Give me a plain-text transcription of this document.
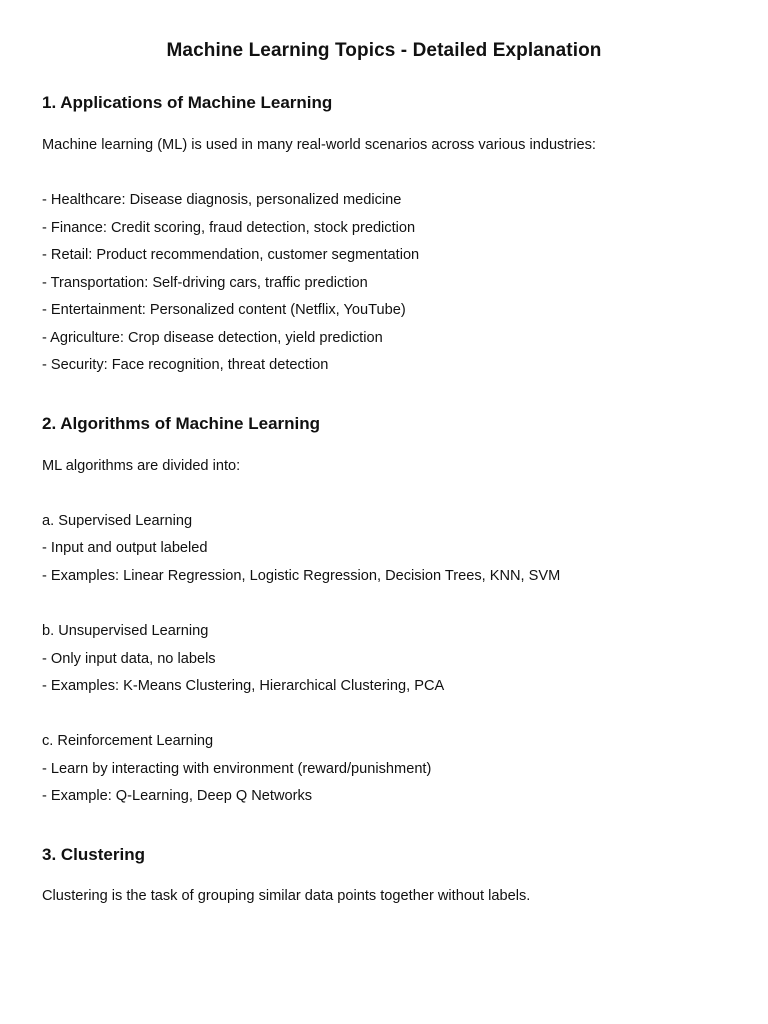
Machine Learning Topics - Detailed Explanation
1. Applications of Machine Learning
Machine learning (ML) is used in many real-world scenarios across various industries:
- Healthcare: Disease diagnosis, personalized medicine
- Finance: Credit scoring, fraud detection, stock prediction
- Retail: Product recommendation, customer segmentation
- Transportation: Self-driving cars, traffic prediction
- Entertainment: Personalized content (Netflix, YouTube)
- Agriculture: Crop disease detection, yield prediction
- Security: Face recognition, threat detection
2. Algorithms of Machine Learning
ML algorithms are divided into:
a. Supervised Learning
- Input and output labeled
- Examples: Linear Regression, Logistic Regression, Decision Trees, KNN, SVM
b. Unsupervised Learning
- Only input data, no labels
- Examples: K-Means Clustering, Hierarchical Clustering, PCA
c. Reinforcement Learning
- Learn by interacting with environment (reward/punishment)
- Example: Q-Learning, Deep Q Networks
3. Clustering
Clustering is the task of grouping similar data points together without labels.
